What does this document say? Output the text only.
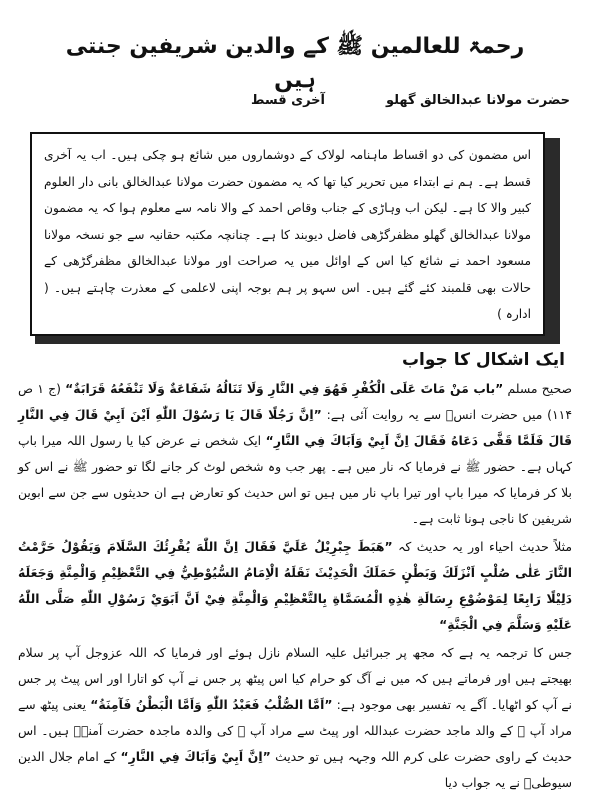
رحمۃ للعالمین ﷺ کے والدین شریفین جنتی ہیں
حضرت مولانا عبدالخالق گھلو
آخری قسط

اس مضمون کی دو اقساط ماہنامہ لولاک کے دوشماروں میں شائع ہو چکی ہیں۔ اب یہ آخری قسط ہے۔ ہم نے ابتداء میں تحریر کیا تھا کہ یہ مضمون حضرت مولانا عبدالخالق بانی دار العلوم کبیر والا کا ہے۔ لیکن اب وہاڑی کے جناب وقاص احمد کے والا نامہ سے معلوم ہوا کہ یہ مضمون مولانا عبدالخالق گھلو مظفرگڑھی فاضل دیوبند کا ہے۔ چنانچہ مکتبہ حقانیہ سے جو نسخہ مولانا مسعود احمد نے شائع کیا اس کے اوائل میں یہ صراحت اور مولانا عبدالخالق مظفرگڑھی کے حالات بھی قلمبند کئے گئے ہیں۔ اس سہو پر ہم بوجہ اپنی لاعلمی کے معذرت چاہتے ہیں۔ ( ادارہ )

ایک اشکال کا جواب

صحیح مسلم ”باب مَنْ مَاتَ عَلَى الْكُفْرِ فَهُوَ فِي النَّارِ وَلَا تَنَالُهُ شَفَاعَةٌ وَلَا تَنْفَعُهُ قَرَابَةٌ“ (ج ۱ ص ۱۱۴) میں حضرت انسؓ سے یہ روایت آئی ہے: ”اِنَّ رَجُلًا قَالَ يَا رَسُوْلَ اللّٰهِ اَيْنَ اَبِيْ قَالَ فِي النَّارِ قَالَ فَلَمَّا قَفَّى دَعَاهُ فَقَالَ اِنَّ اَبِيْ وَاَبَاكَ فِي النَّارِ“ ایک شخص نے عرض کیا یا رسول اللہ میرا باپ کہاں ہے۔ حضور ﷺ نے فرمایا کہ نار میں ہے۔ پھر جب وہ شخص لوٹ کر جانے لگا تو حضور ﷺ نے اس کو بلا کر فرمایا کہ میرا باپ اور تیرا باپ نار میں ہیں تو اس حدیث کو تعارض ہے ان حدیثوں سے جن سے ابوین شریفین کا ناجی ہونا ثابت ہے۔

مثلاً حدیث احیاء اور یہ حدیث کہ ”هَبَطَ جِبْرِيْلُ عَلَيَّ فَقَالَ اِنَّ اللّٰهَ يُقْرِئُكَ السَّلَامَ وَيَقُوْلُ حَرَّمْتُ النَّارَ عَلٰى صُلْبٍ اَنْزَلَكَ وَبَطْنٍ حَمَلَكَ الْحَدِيْثَ نَقَلَهُ الْاِمَامُ السُّيُوْطِيُّ فِي التَّعْظِيْمِ وَالْمِنَّةِ وَجَعَلَهُ دَلِيْلًا رَابِعًا لِمَوْضُوْعِ رِسَالَةِ هٰذِهِ الْمُسَمَّاةِ بِالتَّعْظِيْمِ وَالْمِنَّةِ فِيْ اَنَّ اَبَوَيْ رَسُوْلِ اللّٰهِ صَلَّى اللّٰهُ عَلَيْهِ وَسَلَّمَ فِي الْجَنَّةِ“

جس کا ترجمہ یہ ہے کہ مجھ پر جبرائیل علیہ السلام نازل ہوئے اور فرمایا کہ اللہ عزوجل آپ پر سلام بھیجتے ہیں اور فرماتے ہیں کہ میں نے آگ کو حرام کیا اس پیٹھ پر جس نے آپ کو اتارا اور اس پیٹ پر جس نے آپ کو اٹھایا۔ آگے یہ تفسیر بھی موجود ہے: ”اَمَّا الصُّلْبُ فَعَبْدُ اللّٰهِ وَاَمَّا الْبَطْنُ فَآمِنَةُ“ یعنی پیٹھ سے مراد آپ ﷺ کے والد ماجد حضرت عبداللہ اور پیٹ سے مراد آپ ﷺ کی والدہ ماجدہ حضرت آمنہؓ ہیں۔ اس حدیث کے راوی حضرت علی کرم اللہ وجہہ ہیں تو حدیث ”اِنَّ اَبِيْ وَاَبَاكَ فِي النَّارِ“ کے امام جلال الدین سیوطیؒ نے یہ جواب دیا
